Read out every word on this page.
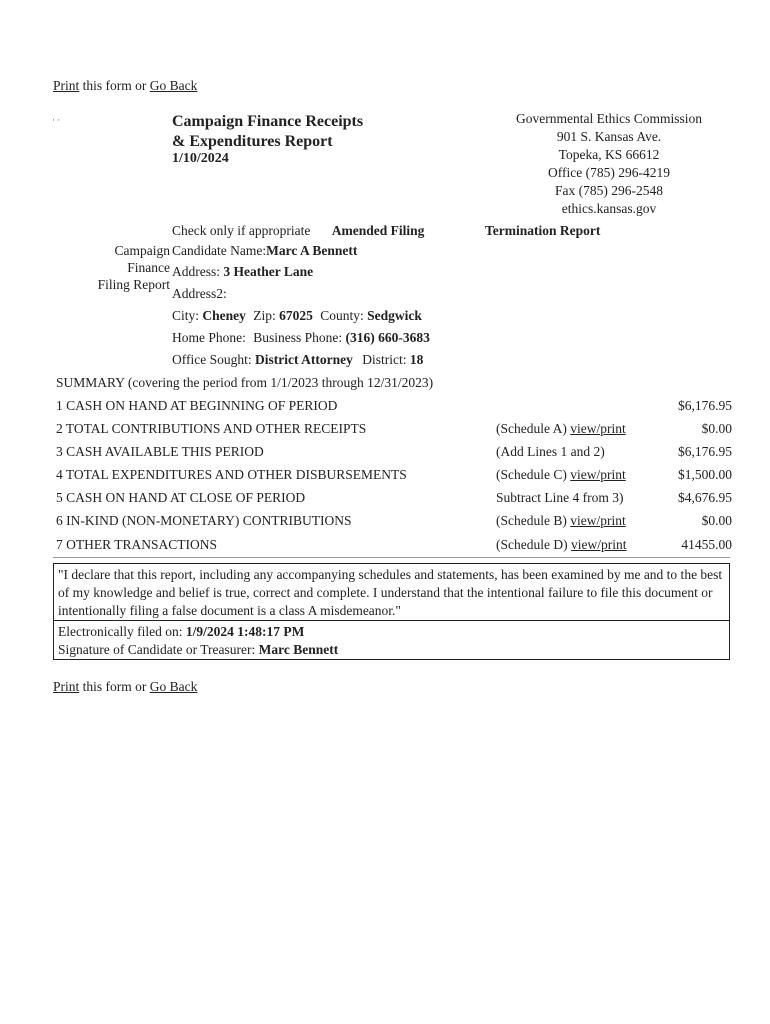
Print this form or Go Back
· ·	Campaign Finance Receipts
& Expenditures Report
1/10/2024
Governmental Ethics Commission
901 S. Kansas Ave.
Topeka, KS 66612
Office (785) 296-4219
Fax (785) 296-2548
ethics.kansas.gov
Check only if appropriate Amended Filing	Termination Report
Campaign
Finance
Filing Report
Candidate Name:Marc A Bennett
Address: 3 Heather Lane
Address2:
City: Cheney Zip: 67025 County: Sedgwick
Home Phone: Business Phone: (316) 660-3683
Office Sought: District Attorney District: 18
SUMMARY (covering the period from 1/1/2023 through 12/31/2023)
1 CASH ON HAND AT BEGINNING OF PERIOD	$6,176.95
2 TOTAL CONTRIBUTIONS AND OTHER RECEIPTS	(Schedule A) view/print	$0.00
3 CASH AVAILABLE THIS PERIOD	(Add Lines 1 and 2)	$6,176.95
4 TOTAL EXPENDITURES AND OTHER DISBURSEMENTS	(Schedule C) view/print	$1,500.00
5 CASH ON HAND AT CLOSE OF PERIOD	Subtract Line 4 from 3)	$4,676.95
6 IN-KIND (NON-MONETARY) CONTRIBUTIONS	(Schedule B) view/print	$0.00
7 OTHER TRANSACTIONS	(Schedule D) view/print	41455.00
"I declare that this report, including any accompanying schedules and statements, has been examined by me and to the best of my knowledge and belief is true, correct and complete. I understand that the intentional failure to file this document or intentionally filing a false document is a class A misdemeanor."
Electronically filed on: 1/9/2024 1:48:17 PM
Signature of Candidate or Treasurer: Marc Bennett
Print this form or Go Back
